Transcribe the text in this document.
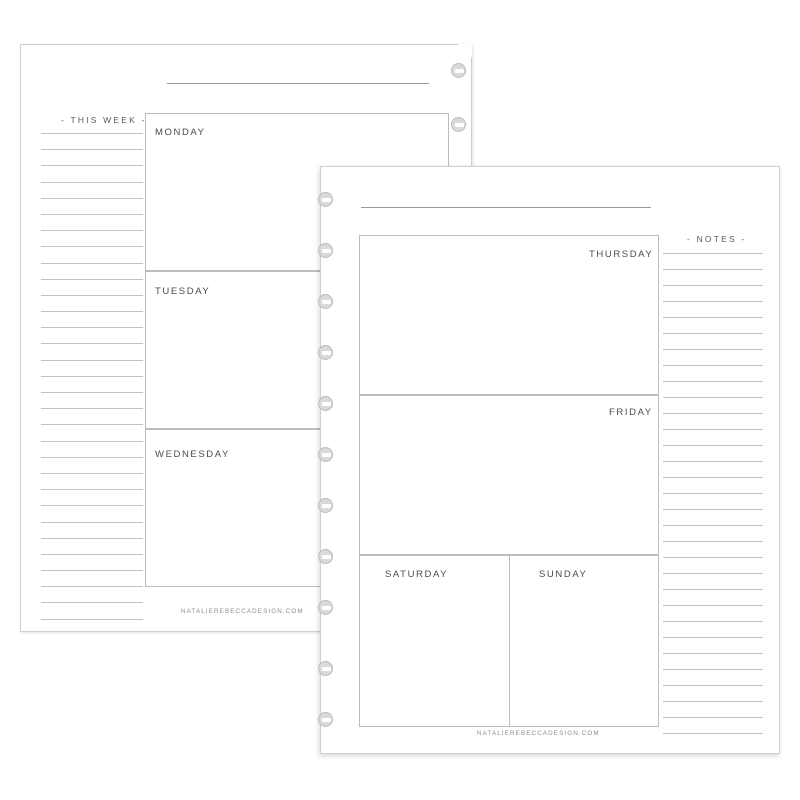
- THIS WEEK -
MONDAY
TUESDAY
WEDNESDAY
NATALIEREBECCADESIGN.COM
THURSDAY
FRIDAY
SATURDAY	SUNDAY
- NOTES -
NATALIEREBECCADESIGN.COM
